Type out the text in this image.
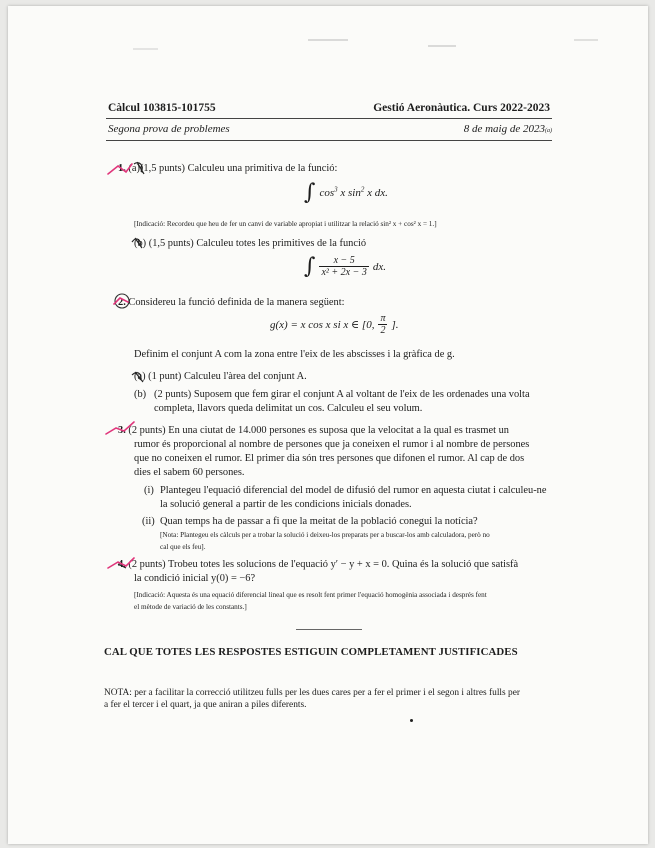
Càlcul 103815-101755	Gestió Aeronàutica. Curs 2022-2023
Segona prova de problemes	8 de maig de 2023(a)
1. (a)(1,5 punts) Calculeu una primitiva de la funció:
∫ $\cos^3 x$ $\sin^2 x$ dx.
[Indicació: Recordeu que heu de fer un canvi de variable apropiat i utilitzar la relació sin² x + cos² x = 1.]
(b) (1,5 punts) Calculeu totes les primitives de la funció
∫ $\frac{x - 5}{\text{x² + 2x − 3}}$ dx.
2. Considereu la funció definida de la manera següent:
g(x) = x cos x si x ∈ [0, $\frac{\pi}{2}$ ].
Definim el conjunt A com la zona entre l'eix de les abscisses i la gràfica de g.
(a) (1 punt) Calculeu l'àrea del conjunt A.
(b) (2 punts) Suposem que fem girar el conjunt A al voltant de l'eix de les ordenades una volta
completa, llavors queda delimitat un cos. Calculeu el seu volum.
3. (2 punts) En una ciutat de 14.000 persones es suposa que la velocitat a la qual es trasmet un
rumor és proporcional al nombre de persones que ja coneixen el rumor i al nombre de persones
que no coneixen el rumor. El primer dia són tres persones que difonen el rumor. Al cap de dos
dies el sabem 60 persones.
(i) Plantegeu l'equació diferencial del model de difusió del rumor en aquesta ciutat i calculeu-ne
la solució general a partir de les condicions inicials donades.
(ii) Quan temps ha de passar a fi que la meitat de la població conegui la notícia?
[Nota: Plantegeu els càlculs per a trobar la solució i deixeu-los preparats per a buscar-los amb calculadora, però no
cal que els feu].
4. (2 punts) Trobeu totes les solucions de l'equació y′ − y + x = 0. Quina és la solució que satisfà
la condició inicial y(0) = −6?
[Indicació: Aquesta és una equació diferencial lineal que es resolt fent primer l'equació homogènia associada i després fent
el mètode de variació de les constants.]
CAL QUE TOTES LES RESPOSTES ESTIGUIN COMPLETAMENT JUSTIFICADES
NOTA: per a facilitar la correcció utilitzeu fulls per les dues cares per a fer el primer i el segon i altres fulls per
a fer el tercer i el quart, ja que aniran a piles diferents.
